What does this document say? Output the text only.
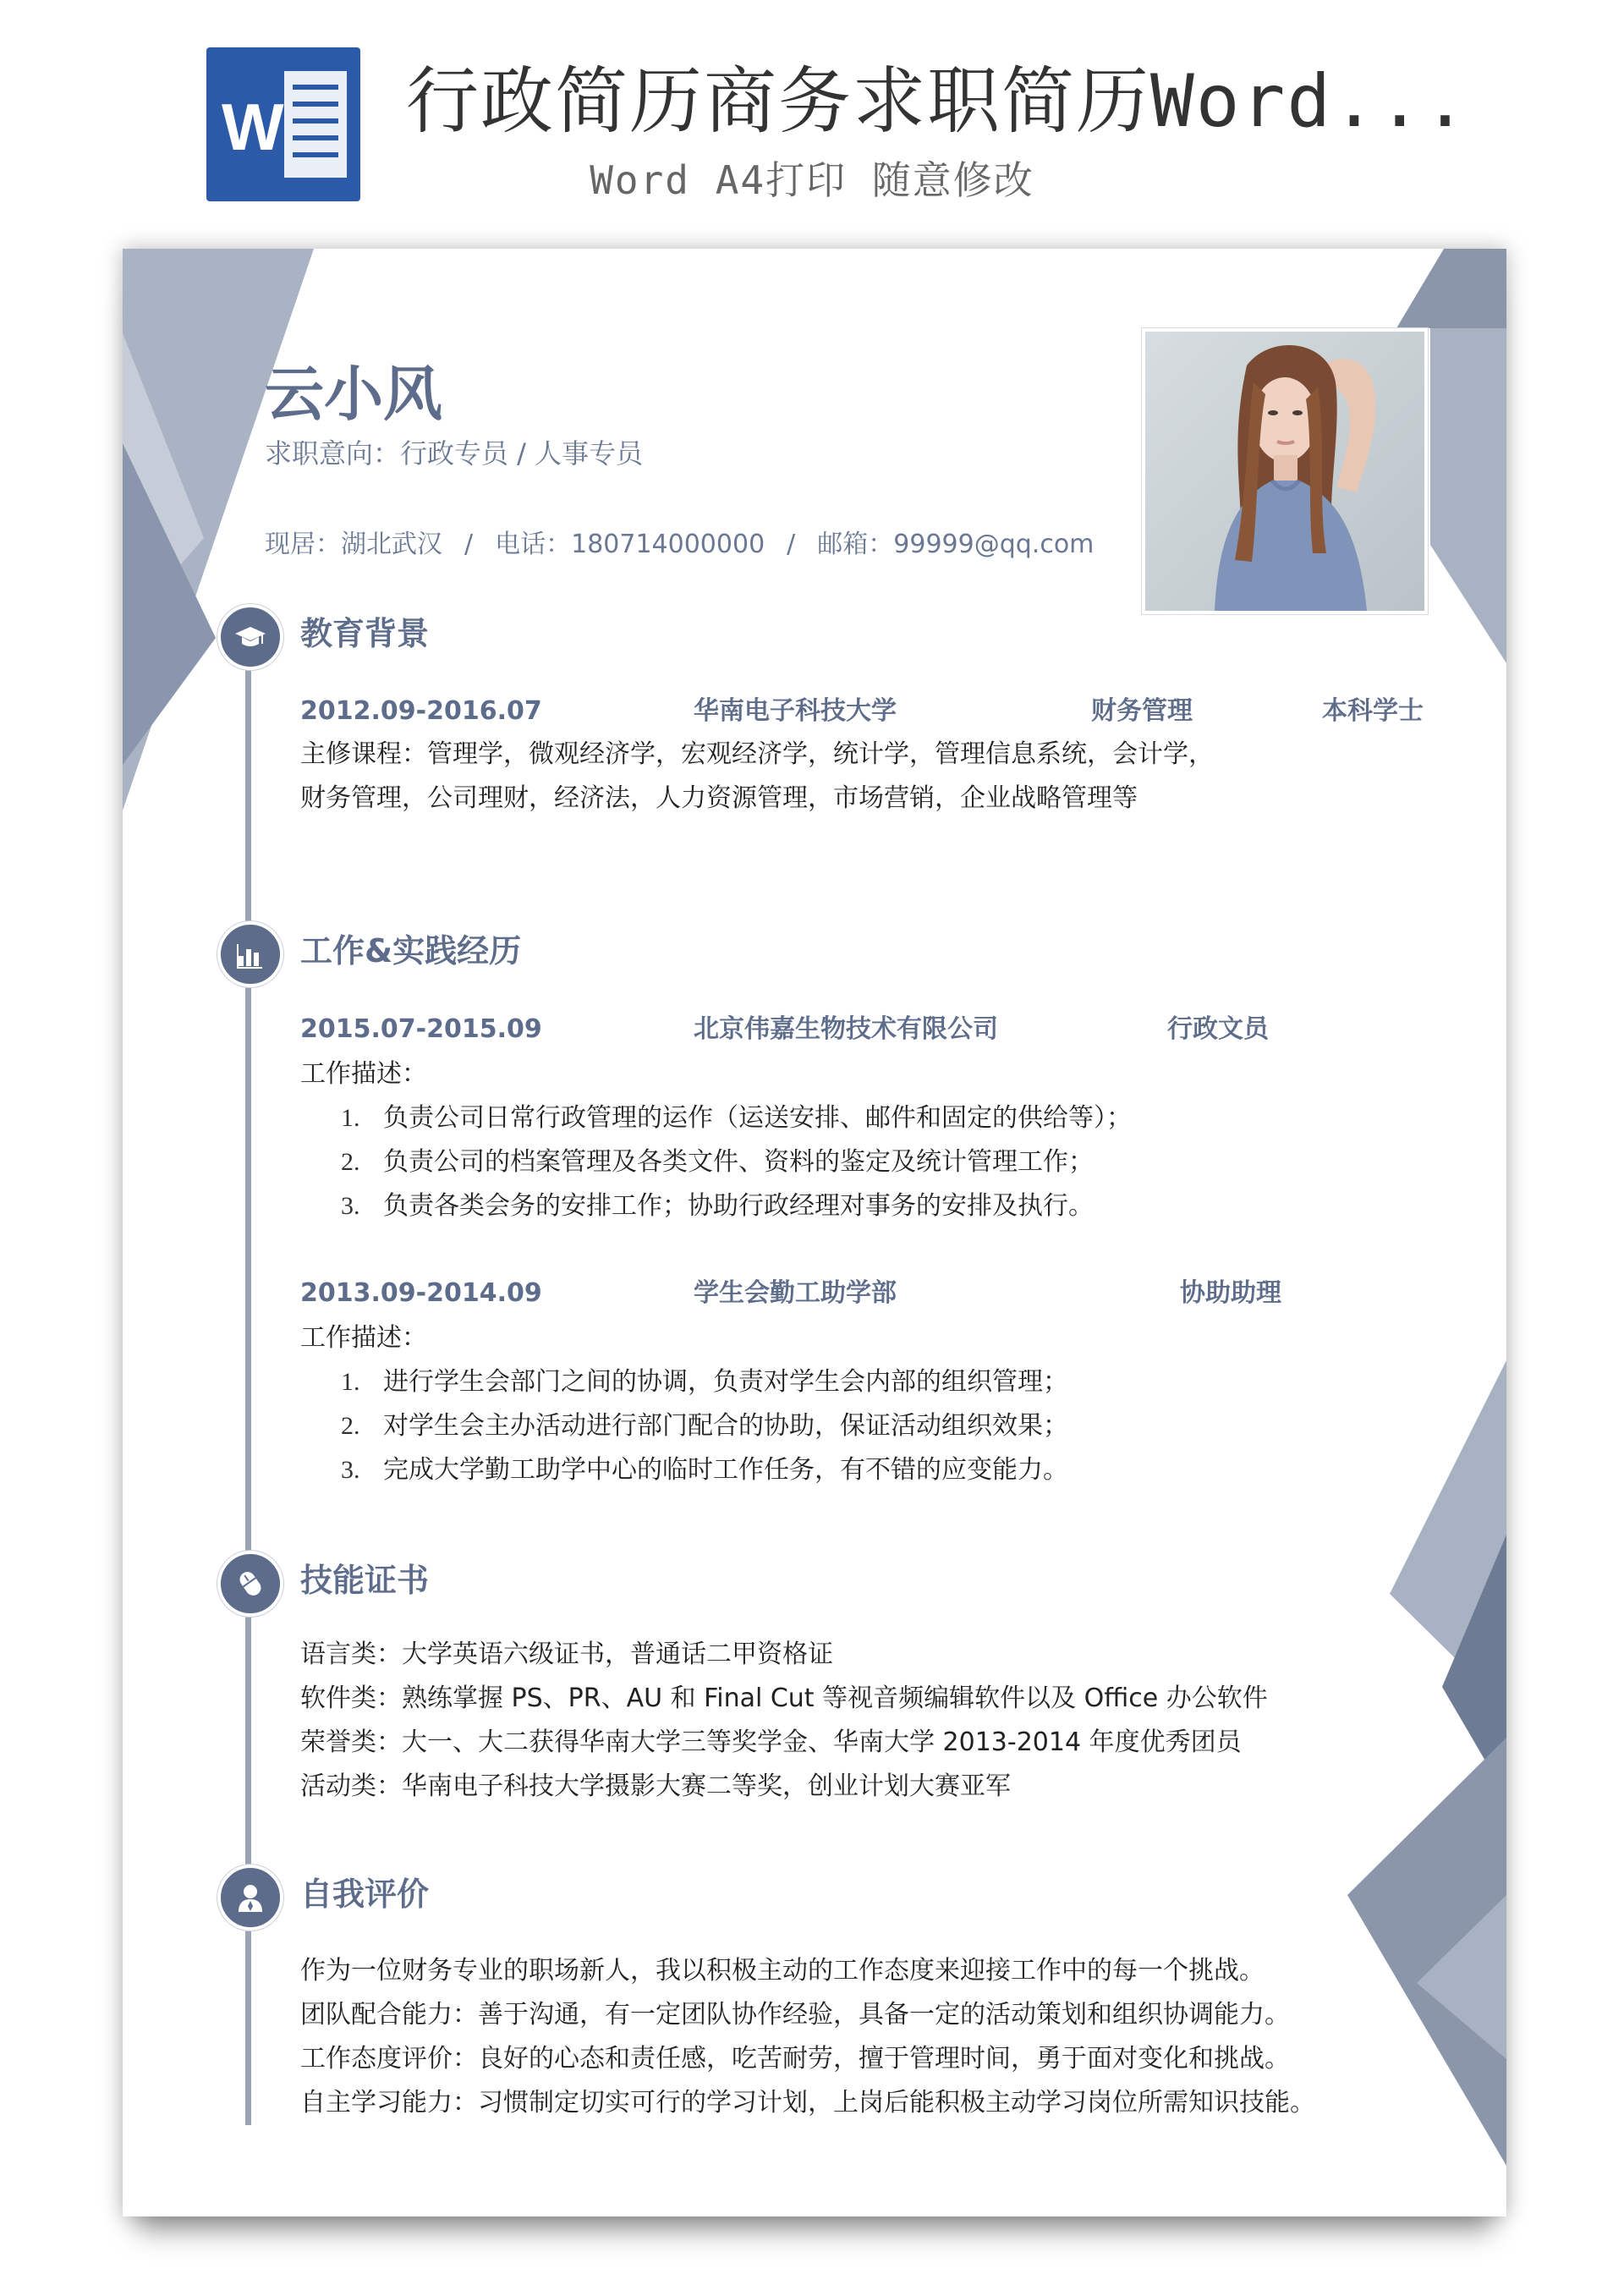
W 行政简历商务求职简历Word...
Word A4打印 随意修改
云小风
求职意向：行政专员 / 人事专员
现居：湖北武汉 / 电话：180714000000 / 邮箱：99999@qq.com
教育背景
2012.09-2016.07	华南电子科技大学	财务管理	本科学士
主修课程：管理学，微观经济学，宏观经济学，统计学，管理信息系统，会计学，
财务管理，公司理财，经济法，人力资源管理，市场营销，企业战略管理等
工作&实践经历
2015.07-2015.09	北京伟嘉生物技术有限公司	行政文员
工作描述：
1. 负责公司日常行政管理的运作（运送安排、邮件和固定的供给等）；
2. 负责公司的档案管理及各类文件、资料的鉴定及统计管理工作；
3. 负责各类会务的安排工作；协助行政经理对事务的安排及执行。
2013.09-2014.09	学生会勤工助学部	协助助理
工作描述：
1. 进行学生会部门之间的协调，负责对学生会内部的组织管理；
2. 对学生会主办活动进行部门配合的协助，保证活动组织效果；
3. 完成大学勤工助学中心的临时工作任务，有不错的应变能力。
技能证书
语言类：大学英语六级证书，普通话二甲资格证
软件类：熟练掌握 PS、PR、AU 和 Final Cut 等视音频编辑软件以及 Office 办公软件
荣誉类：大一、大二获得华南大学三等奖学金、华南大学 2013-2014 年度优秀团员
活动类：华南电子科技大学摄影大赛二等奖，创业计划大赛亚军
自我评价
作为一位财务专业的职场新人，我以积极主动的工作态度来迎接工作中的每一个挑战。
团队配合能力：善于沟通，有一定团队协作经验，具备一定的活动策划和组织协调能力。
工作态度评价：良好的心态和责任感，吃苦耐劳，擅于管理时间，勇于面对变化和挑战。
自主学习能力：习惯制定切实可行的学习计划，上岗后能积极主动学习岗位所需知识技能。
